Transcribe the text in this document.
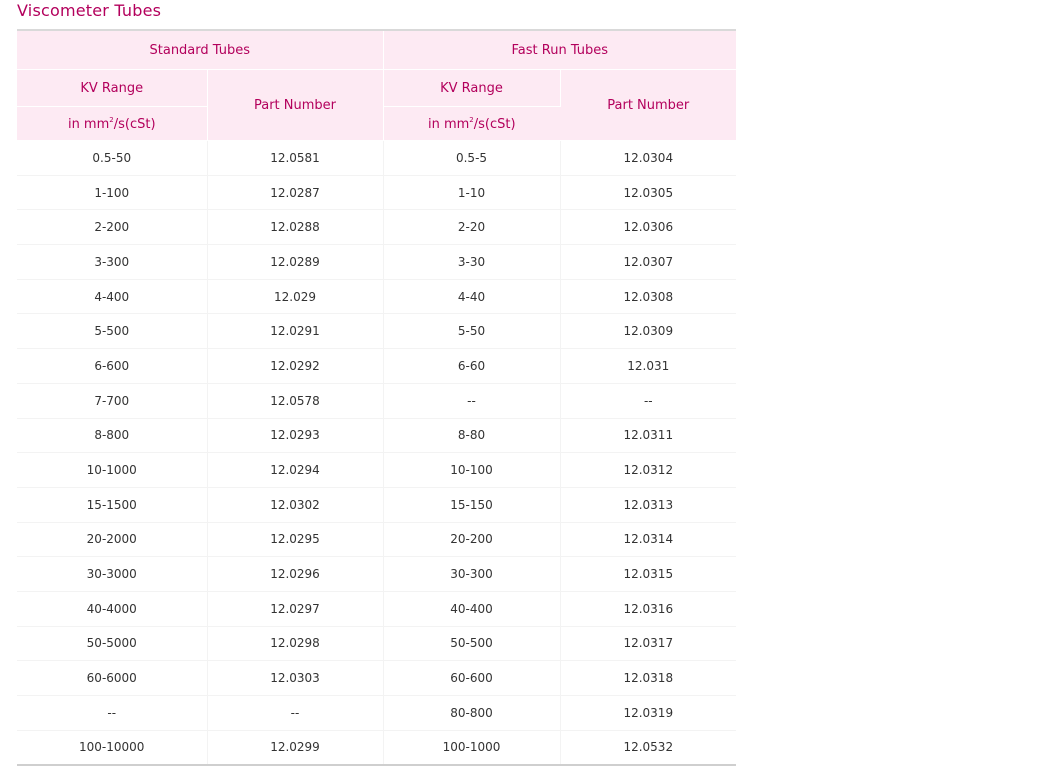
Viscometer Tubes
Standard Tubes		Fast Run Tubes	
KV Range	Part Number	KV Range	Part Number
in $mm^2/s(cSt)$		in $mm^2/s(cSt)$	
0.5-50	12.0581	0.5-5	12.0304
1-100	12.0287	1-10	12.0305
2-200	12.0288	2-20	12.0306
3-300	12.0289	3-30	12.0307
4-400	12.029	4-40	12.0308
5-500	12.0291	5-50	12.0309
6-600	12.0292	6-60	12.031
7-700	12.0578	--	--
8-800	12.0293	8-80	12.0311
10-1000	12.0294	10-100	12.0312
15-1500	12.0302	15-150	12.0313
20-2000	12.0295	20-200	12.0314
30-3000	12.0296	30-300	12.0315
40-4000	12.0297	40-400	12.0316
50-5000	12.0298	50-500	12.0317
60-6000	12.0303	60-600	12.0318
--	--	80-800	12.0319
100-10000	12.0299	100-1000	12.0532
